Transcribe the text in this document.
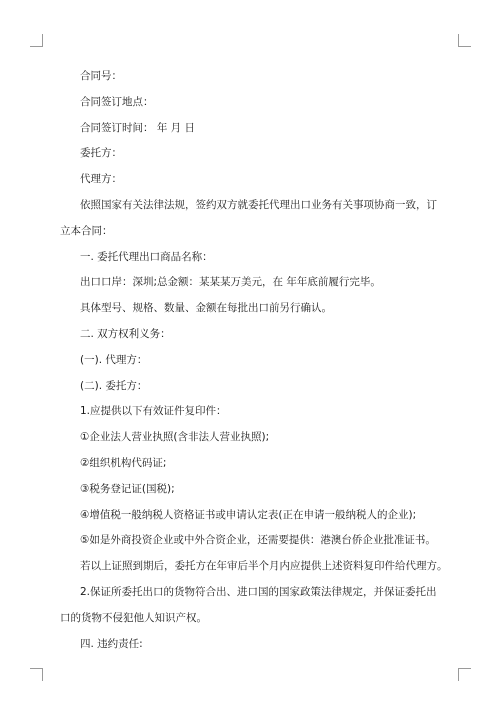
合同号：
合同签订地点：
合同签订时间： 年 月 日
委托方：
代理方：
依照国家有关法律法规，签约双方就委托代理出口业务有关事项协商一致，订立本合同：
一. 委托代理出口商品名称：
出口口岸：深圳;总金额：某某某万美元，在 年年底前履行完毕。
具体型号、规格、数量、金额在每批出口前另行确认。
二. 双方权利义务：
(一). 代理方：
(二). 委托方：
1.应提供以下有效证件复印件：
①企业法人营业执照(含非法人营业执照);
②组织机构代码证;
③税务登记证(国税);
④增值税一般纳税人资格证书或申请认定表(正在申请一般纳税人的企业);
⑤如是外商投资企业或中外合资企业，还需要提供：港澳台侨企业批准证书。
若以上证照到期后，委托方在年审后半个月内应提供上述资料复印件给代理方。
2.保证所委托出口的货物符合出、进口国的国家政策法律规定，并保证委托出口的货物不侵犯他人知识产权。
四. 违约责任:
